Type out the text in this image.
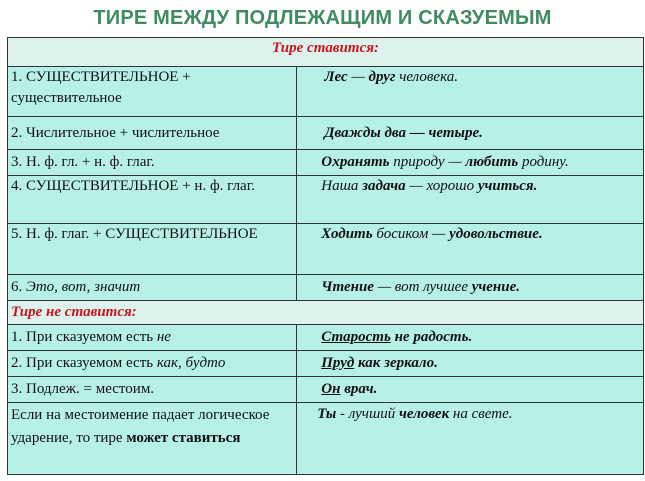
ТИРЕ МЕЖДУ ПОДЛЕЖАЩИМ И СКАЗУЕМЫМ
Тире ставится:	
1. СУЩЕСТВИТЕЛЬНОЕ + существительное	Лес — друг человека.
2. Числительное + числительное	Дважды два — четыре.
3. Н. ф. гл. + н. ф. глаг.	Охранять природу — любить родину.
4. СУЩЕСТВИТЕЛЬНОЕ + н. ф. глаг.	Наша задача — хорошо учиться.
5. Н. ф. глаг. + СУЩЕСТВИТЕЛЬНОЕ	Ходить босиком — удовольствие.
6. Это, вот, значит	Чтение — вот лучшее учение.
Тире не ставится:	
1. При сказуемом есть не	Старость не радость.
2. При сказуемом есть как, будто	Пруд как зеркало.
3. Подлеж. = местоим.	Он врач.
Если на местоимение падает логическое ударение, то тире может ставиться	Ты - лучший человек на свете.
